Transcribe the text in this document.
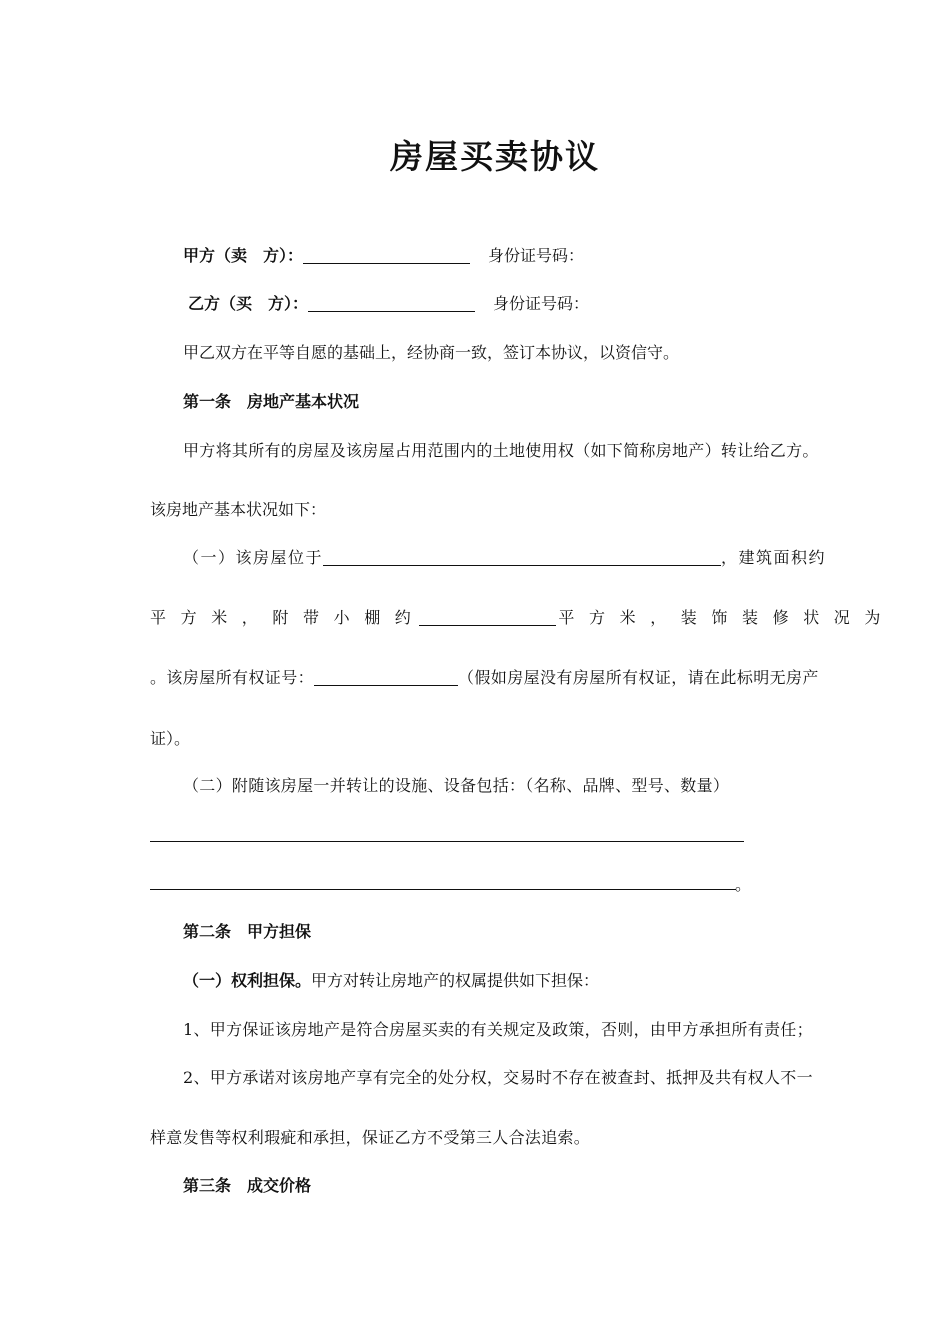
房屋买卖协议
甲方（卖　方）：	身份证号码：
乙方（买　方）：	身份证号码：
甲乙双方在平等自愿的基础上，经协商一致，签订本协议，以资信守。
第一条　房地产基本状况
甲方将其所有的房屋及该房屋占用范围内的土地使用权（如下简称房地产）转让给乙方。
该房地产基本状况如下：
（一）该房屋位于	，建筑面积约
平方米，附带小棚约	平方米，装饰装修状况为
。该房屋所有权证号：	（假如房屋没有房屋所有权证，请在此标明无房产
证）。
（二）附随该房屋一并转让的设施、设备包括：（名称、品牌、型号、数量）
。
第二条　甲方担保
（一）权利担保。甲方对转让房地产的权属提供如下担保：
1、甲方保证该房地产是符合房屋买卖的有关规定及政策，否则，由甲方承担所有责任；
2、甲方承诺对该房地产享有完全的处分权，交易时不存在被查封、抵押及共有权人不一
样意发售等权利瑕疵和承担，保证乙方不受第三人合法追索。
第三条　成交价格
